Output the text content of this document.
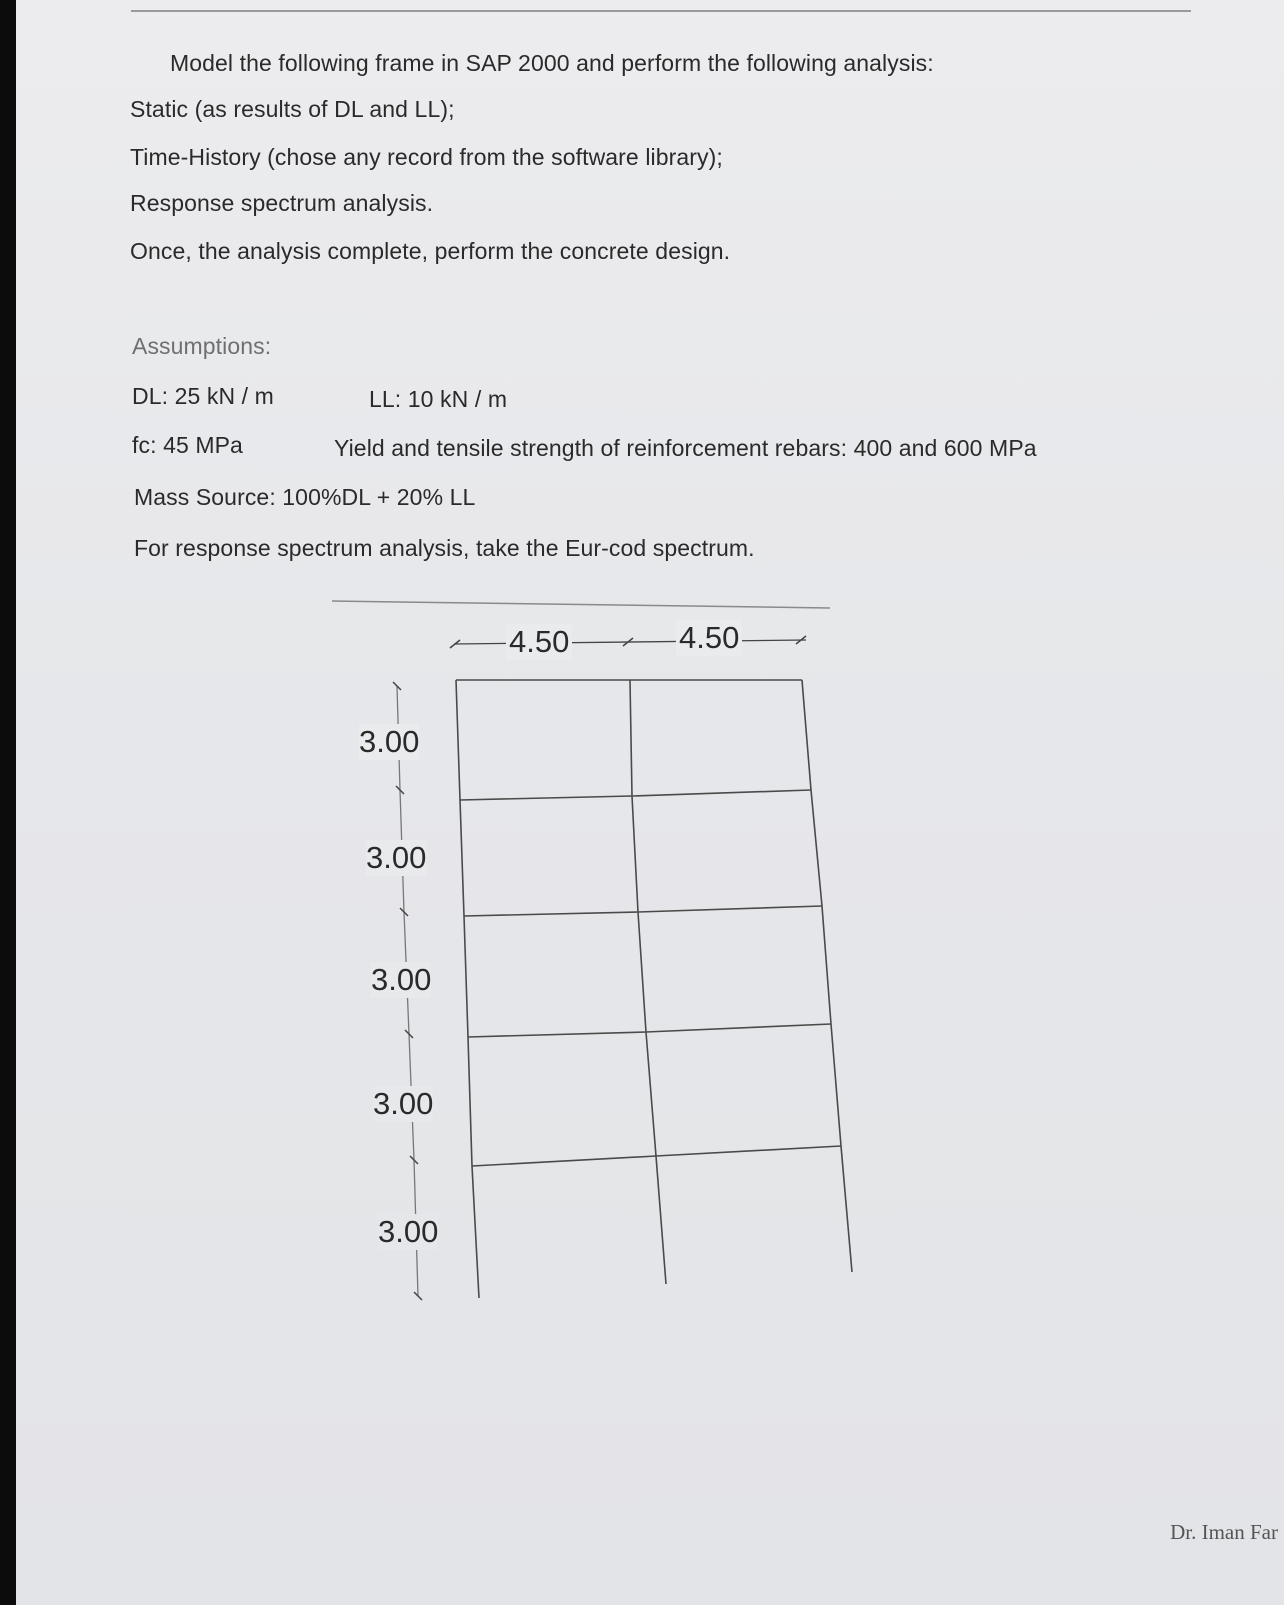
Model the following frame in SAP 2000 and perform the following analysis:
Static (as results of DL and LL);
Time-History (chose any record from the software library);
Response spectrum analysis.
Once, the analysis complete, perform the concrete design.
Assumptions:
DL: 25 kN / m	LL: 10 kN / m
fc: 45 MPa	Yield and tensile strength of reinforcement rebars: 400 and 600 MPa
Mass Source: 100%DL + 20% LL
For response spectrum analysis, take the Eur-cod spectrum.
4.50	4.50
3.00
3.00
3.00
3.00
3.00
Dr. Iman Far
